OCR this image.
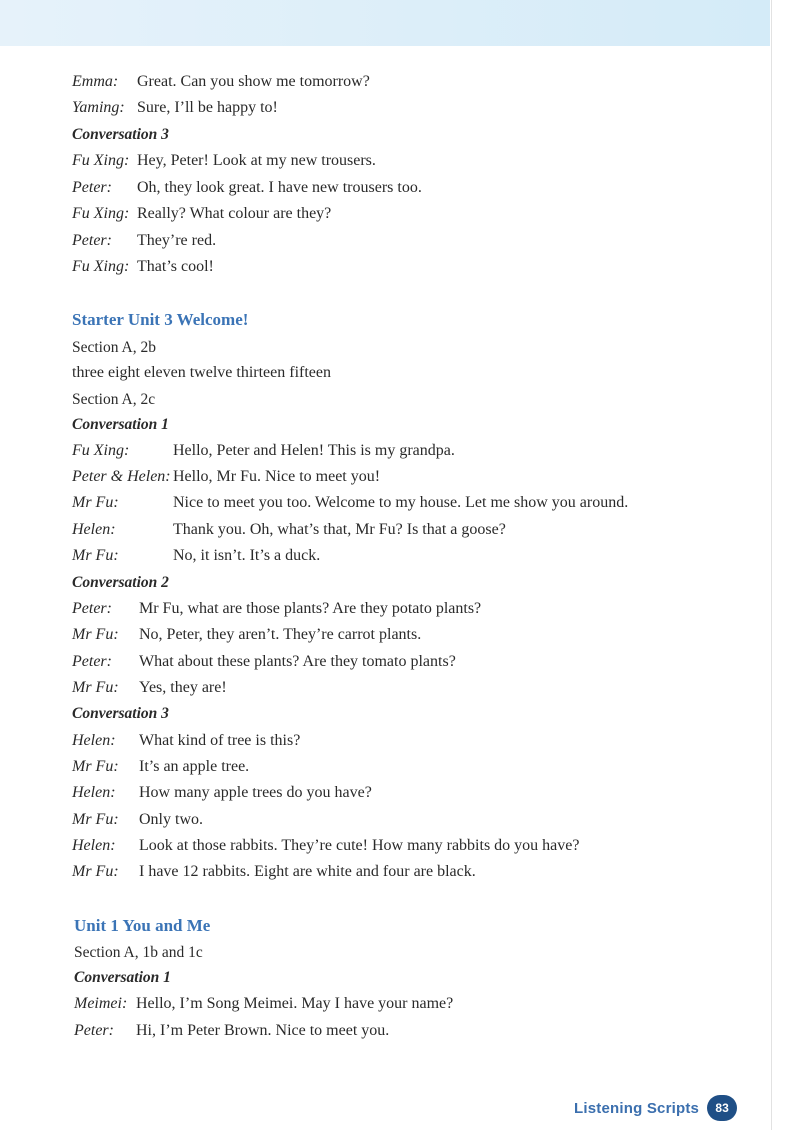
Emma: Great. Can you show me tomorrow?
Yaming: Sure, I’ll be happy to!
Conversation 3
Fu Xing: Hey, Peter! Look at my new trousers.
Peter: Oh, they look great. I have new trousers too.
Fu Xing: Really? What colour are they?
Peter: They’re red.
Fu Xing: That’s cool!
Starter Unit 3 Welcome!
Section A, 2b
three eight eleven twelve thirteen fifteen
Section A, 2c
Conversation 1
Fu Xing:	Hello, Peter and Helen! This is my grandpa.
Peter & Helen: Hello, Mr Fu. Nice to meet you!
Mr Fu:	Nice to meet you too. Welcome to my house. Let me show you around.
Helen:	Thank you. Oh, what’s that, Mr Fu? Is that a goose?
Mr Fu:	No, it isn’t. It’s a duck.
Conversation 2
Peter: Mr Fu, what are those plants? Are they potato plants?
Mr Fu: No, Peter, they aren’t. They’re carrot plants.
Peter: What about these plants? Are they tomato plants?
Mr Fu: Yes, they are!
Conversation 3
Helen: What kind of tree is this?
Mr Fu: It’s an apple tree.
Helen: How many apple trees do you have?
Mr Fu: Only two.
Helen: Look at those rabbits. They’re cute! How many rabbits do you have?
Mr Fu: I have 12 rabbits. Eight are white and four are black.
Unit 1 You and Me
Section A, 1b and 1c
Conversation 1
Meimei: Hello, I’m Song Meimei. May I have your name?
Peter: Hi, I’m Peter Brown. Nice to meet you.
Listening Scripts	83
